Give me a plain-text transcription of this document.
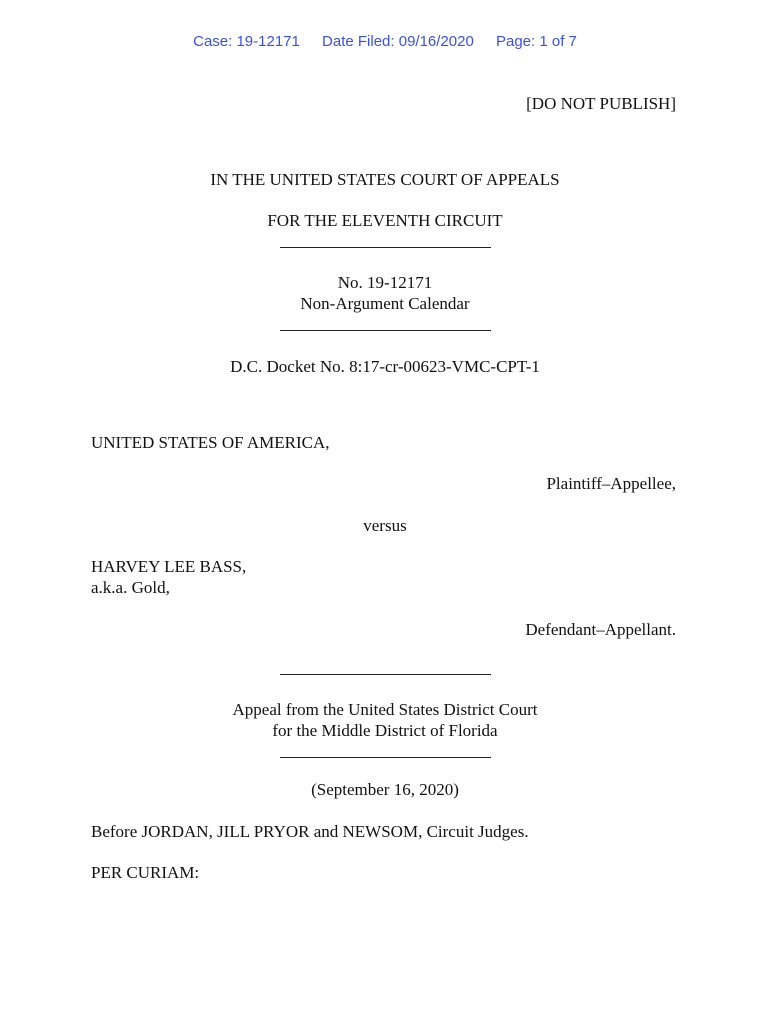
Case: 19-12171 Date Filed: 09/16/2020 Page: 1 of 7
[DO NOT PUBLISH]
IN THE UNITED STATES COURT OF APPEALS
FOR THE ELEVENTH CIRCUIT
No. 19-12171
Non-Argument Calendar
D.C. Docket No. 8:17-cr-00623-VMC-CPT-1
UNITED STATES OF AMERICA,
Plaintiff–Appellee,
versus
HARVEY LEE BASS,
a.k.a. Gold,
Defendant–Appellant.
Appeal from the United States District Court
for the Middle District of Florida
(September 16, 2020)
Before JORDAN, JILL PRYOR and NEWSOM, Circuit Judges.
PER CURIAM:
